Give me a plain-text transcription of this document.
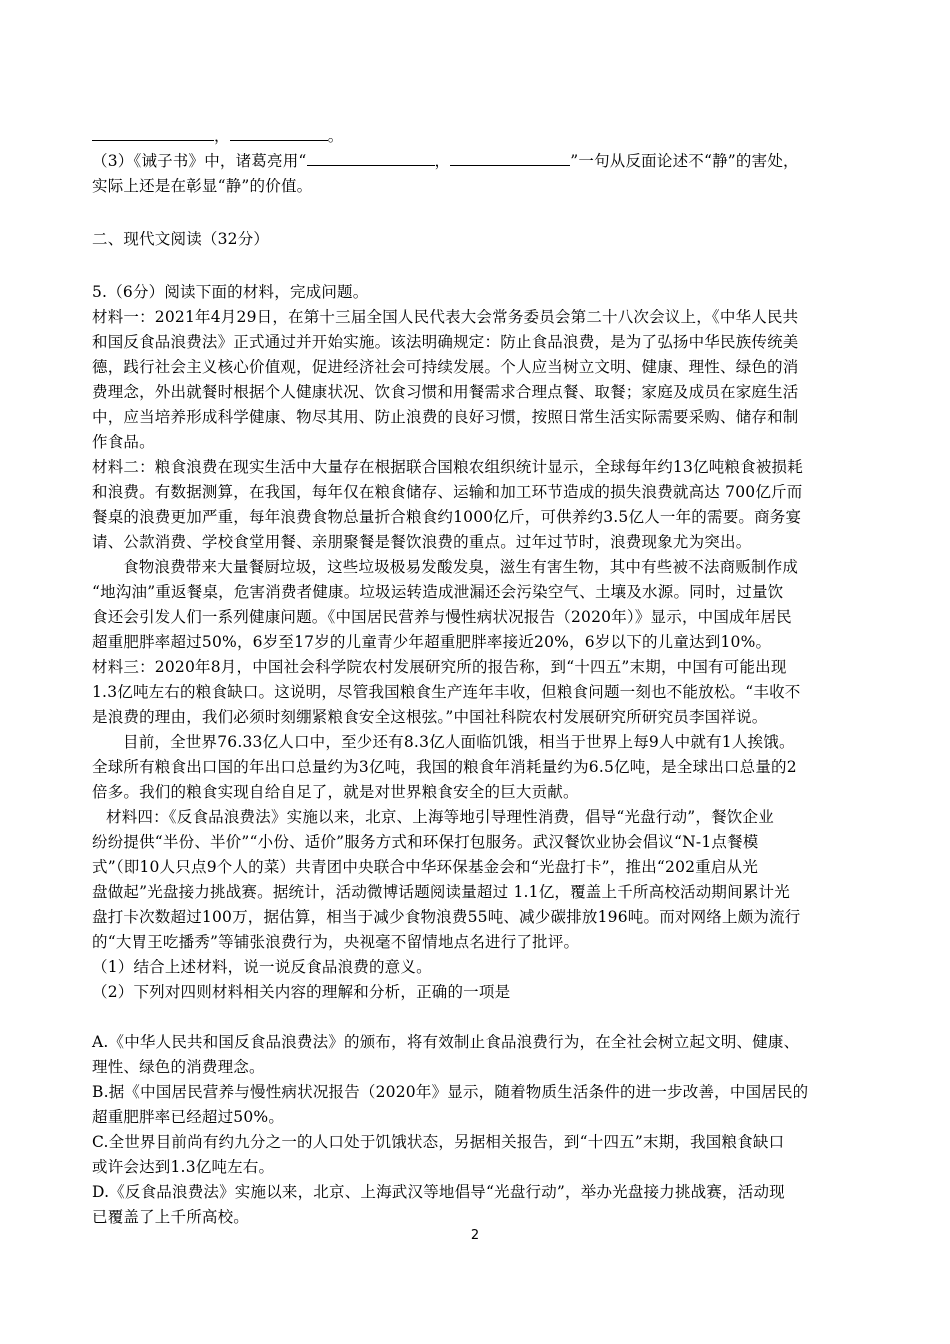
，	。
（3）《诫子书》中，诸葛亮用“	，	”一句从反面论述不“静”的害处，
实际上还是在彰显“静”的价值。
二、现代文阅读（32分）
5.（6分）阅读下面的材料，完成问题。
材料一：2021年4月29日，在第十三届全国人民代表大会常务委员会第二十八次会议上，《中华人民共
和国反食品浪费法》正式通过并开始实施。该法明确规定：防止食品浪费，是为了弘扬中华民族传统美
德，践行社会主义核心价值观，促进经济社会可持续发展。个人应当树立文明、健康、理性、绿色的消
费理念，外出就餐时根据个人健康状况、饮食习惯和用餐需求合理点餐、取餐；家庭及成员在家庭生活
中，应当培养形成科学健康、物尽其用、防止浪费的良好习惯，按照日常生活实际需要采购、储存和制
作食品。
材料二：粮食浪费在现实生活中大量存在根据联合国粮农组织统计显示，全球每年约13亿吨粮食被损耗
和浪费。有数据测算，在我国，每年仅在粮食储存、运输和加工环节造成的损失浪费就高达 700亿斤而
餐桌的浪费更加严重，每年浪费食物总量折合粮食约1000亿斤，可供养约3.5亿人一年的需要。商务宴
请、公款消费、学校食堂用餐、亲朋聚餐是餐饮浪费的重点。过年过节时，浪费现象尤为突出。
食物浪费带来大量餐厨垃圾，这些垃圾极易发酸发臭，滋生有害生物，其中有些被不法商贩制作成
“地沟油”重返餐桌，危害消费者健康。垃圾运转造成泄漏还会污染空气、土壤及水源。同时，过量饮
食还会引发人们一系列健康问题。《中国居民营养与慢性病状况报告（2020年）》显示，中国成年居民
超重肥胖率超过50%，6岁至17岁的儿童青少年超重肥胖率接近20%，6岁以下的儿童达到10%。
材料三：2020年8月，中国社会科学院农村发展研究所的报告称，到“十四五”末期，中国有可能出现
1.3亿吨左右的粮食缺口。这说明，尽管我国粮食生产连年丰收，但粮食问题一刻也不能放松。“丰收不
是浪费的理由，我们必须时刻绷紧粮食安全这根弦。”中国社科院农村发展研究所研究员李国祥说。
目前，全世界76.33亿人口中，至少还有8.3亿人面临饥饿，相当于世界上每9人中就有1人挨饿。
全球所有粮食出口国的年出口总量约为3亿吨，我国的粮食年消耗量约为6.5亿吨，是全球出口总量的2
倍多。我们的粮食实现自给自足了，就是对世界粮食安全的巨大贡献。
材料四：《反食品浪费法》实施以来，北京、上海等地引导理性消费，倡导“光盘行动”，餐饮企业
纷纷提供“半份、半价”“小份、适价”服务方式和环保打包服务。武汉餐饮业协会倡议“N-1点餐模
式”（即10人只点9个人的菜）共青团中央联合中华环保基金会和“光盘打卡”，推出“202重启从光
盘做起”光盘接力挑战赛。据统计，活动微博话题阅读量超过 1.1亿，覆盖上千所高校活动期间累计光
盘打卡次数超过100万，据估算，相当于减少食物浪费55吨、减少碳排放196吨。而对网络上颇为流行
的“大胃王吃播秀”等铺张浪费行为，央视毫不留情地点名进行了批评。
（1）结合上述材料，说一说反食品浪费的意义。
（2）下列对四则材料相关内容的理解和分析，正确的一项是
A.《中华人民共和国反食品浪费法》的颁布，将有效制止食品浪费行为，在全社会树立起文明、健康、
理性、绿色的消费理念。
B.据《中国居民营养与慢性病状况报告（2020年》显示，随着物质生活条件的进一步改善，中国居民的
超重肥胖率已经超过50%。
C.全世界目前尚有约九分之一的人口处于饥饿状态，另据相关报告，到“十四五”末期，我国粮食缺口
或许会达到1.3亿吨左右。
D.《反食品浪费法》实施以来，北京、上海武汉等地倡导“光盘行动”，举办光盘接力挑战赛，活动现
已覆盖了上千所高校。
2
